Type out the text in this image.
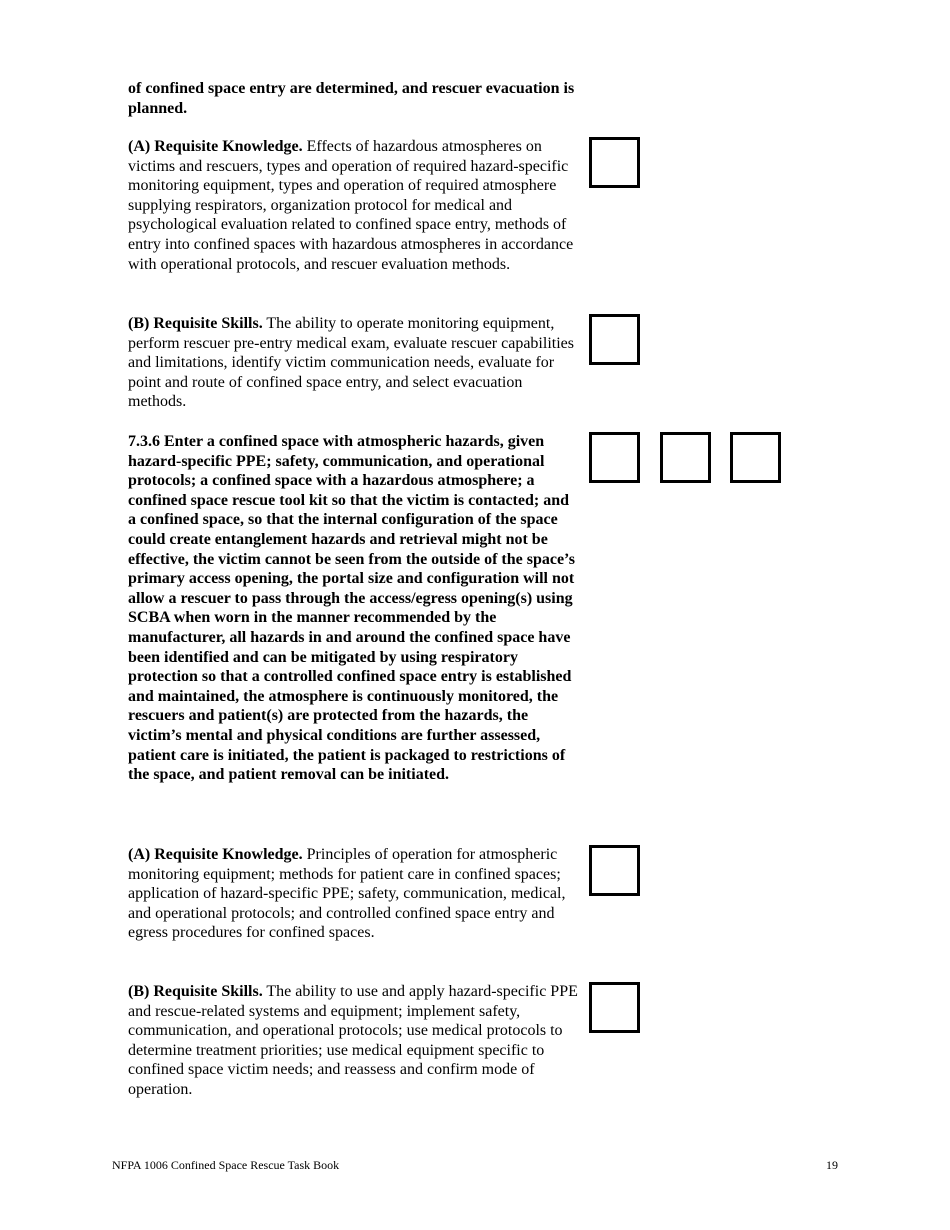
of confined space entry are determined, and rescuer evacuation is planned.
(A) Requisite Knowledge. Effects of hazardous atmospheres on victims and rescuers, types and operation of required hazard-specific monitoring equipment, types and operation of required atmosphere supplying respirators, organization protocol for medical and psychological evaluation related to confined space entry, methods of entry into confined spaces with hazardous atmospheres in accordance with operational protocols, and rescuer evaluation methods.
(B) Requisite Skills. The ability to operate monitoring equipment, perform rescuer pre-entry medical exam, evaluate rescuer capabilities and limitations, identify victim communication needs, evaluate for point and route of confined space entry, and select evacuation methods.
7.3.6 Enter a confined space with atmospheric hazards, given hazard-specific PPE; safety, communication, and operational protocols; a confined space with a hazardous atmosphere; a confined space rescue tool kit so that the victim is contacted; and a confined space, so that the internal configuration of the space could create entanglement hazards and retrieval might not be effective, the victim cannot be seen from the outside of the space’s primary access opening, the portal size and configuration will not allow a rescuer to pass through the access/egress opening(s) using SCBA when worn in the manner recommended by the manufacturer, all hazards in and around the confined space have been identified and can be mitigated by using respiratory protection so that a controlled confined space entry is established and maintained, the atmosphere is continuously monitored, the rescuers and patient(s) are protected from the hazards, the victim’s mental and physical conditions are further assessed, patient care is initiated, the patient is packaged to restrictions of the space, and patient removal can be initiated.
(A) Requisite Knowledge. Principles of operation for atmospheric monitoring equipment; methods for patient care in confined spaces; application of hazard-specific PPE; safety, communication, medical, and operational protocols; and controlled confined space entry and egress procedures for confined spaces.
(B) Requisite Skills. The ability to use and apply hazard-specific PPE and rescue-related systems and equipment; implement safety, communication, and operational protocols; use medical protocols to determine treatment priorities; use medical equipment specific to confined space victim needs; and reassess and confirm mode of operation.
NFPA 1006 Confined Space Rescue Task Book	19
